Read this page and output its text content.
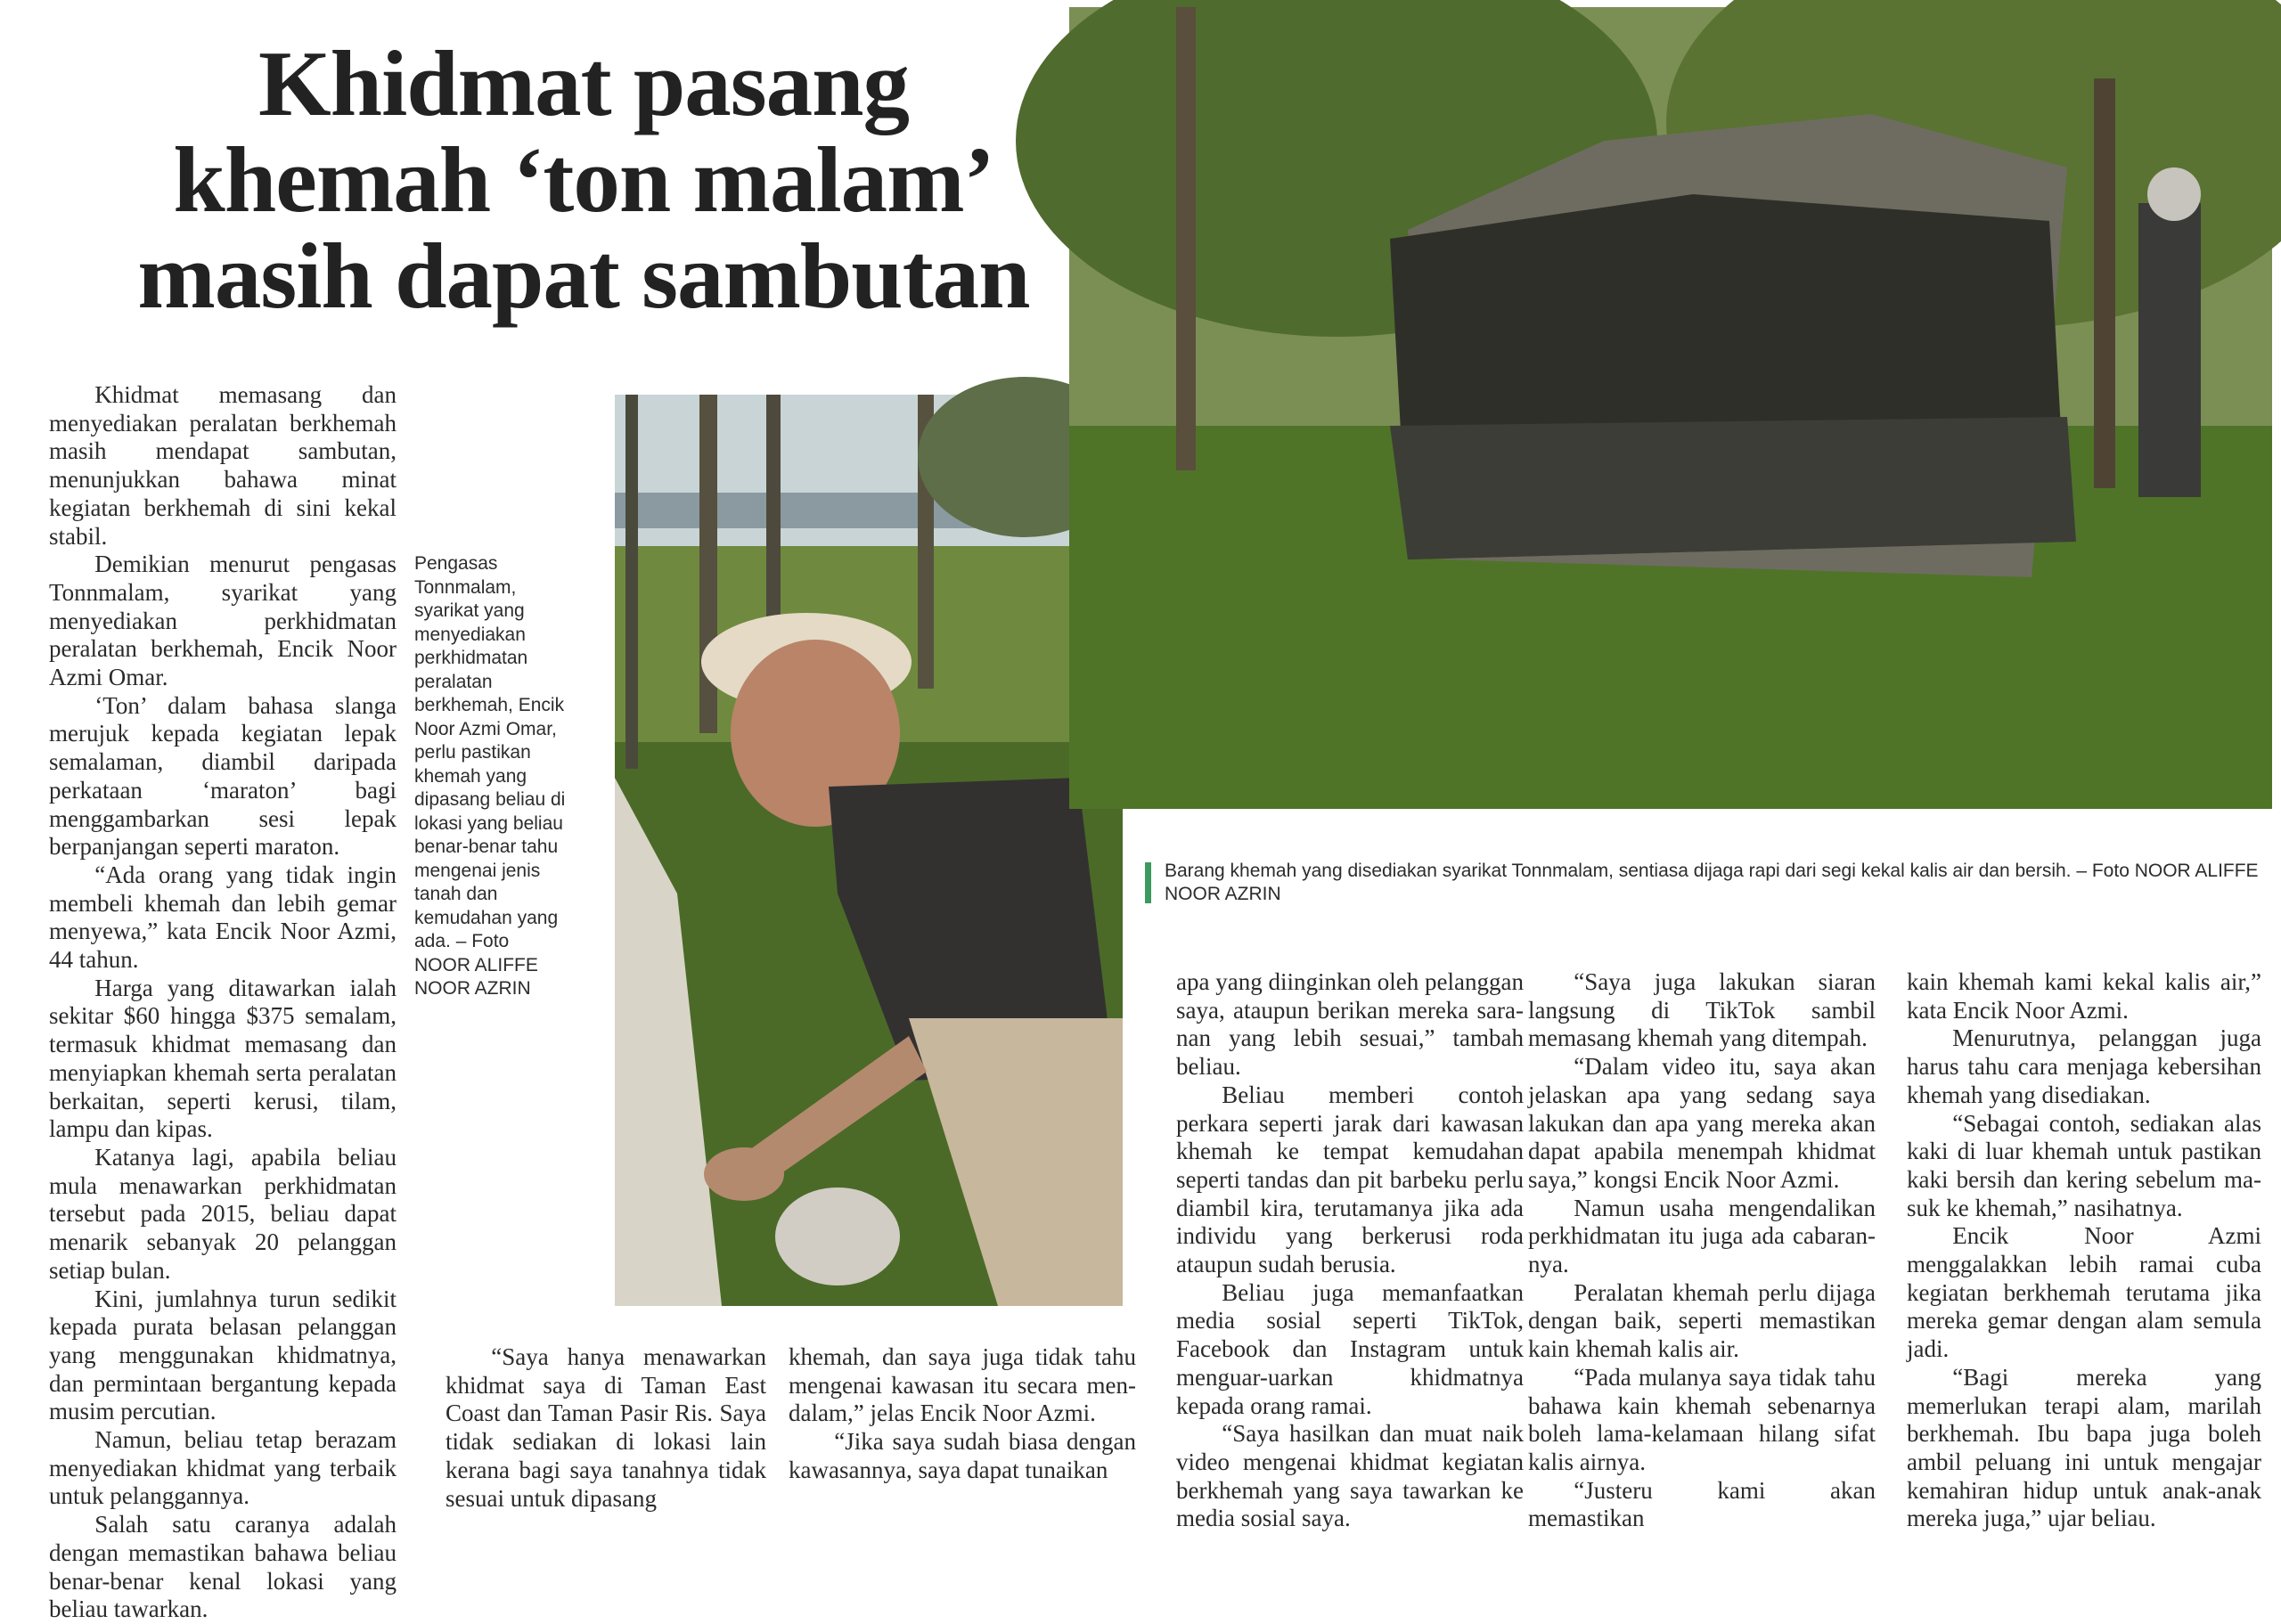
Khidmat pasang
khemah ‘ton malam’
masih dapat sambutan
Barang khemah yang disediakan syarikat Tonnmalam, sentiasa dijaga rapi dari segi kekal kalis air dan bersih. – Foto NOOR ALIFFE NOOR AZRIN
Pengasas Tonnmalam, syarikat yang menyediakan perkhidmatan peralatan berkhemah, Encik Noor Azmi Omar, perlu pastikan khemah yang dipasang beliau di lokasi yang beliau benar-benar tahu mengenai jenis tanah dan kemudahan yang ada. – Foto NOOR ALIFFE NOOR AZRIN

Khidmat memasang dan menyediakan peralatan berkhemah masih mendapat sambutan, menunjukkan bahawa minat kegiatan berkhemah di sini kekal stabil.

Demikian menurut pengasas Tonnmalam, syarikat yang menyediakan perkhidmatan peralatan berkhemah, Encik Noor Azmi Omar.

‘Ton’ dalam bahasa slanga merujuk kepada kegiatan lepak semalaman, diambil daripada perkataan ‘maraton’ bagi menggambarkan sesi lepak berpanjangan seperti maraton.

“Ada orang yang tidak ingin membeli khemah dan lebih gemar menyewa,” kata Encik Noor Azmi, 44 tahun.

Harga yang ditawarkan ialah sekitar $60 hingga $375 semalam, termasuk khidmat memasang dan menyiapkan khemah serta peralatan berkaitan, seperti kerusi, tilam, lampu dan kipas.

Katanya lagi, apabila beliau mula menawarkan perkhidmatan tersebut pada 2015, beliau dapat menarik sebanyak 20 pelanggan setiap bulan.

Kini, jumlahnya turun sedikit kepada purata belasan pelanggan yang menggunakan khidmatnya, dan permintaan bergantung kepada musim percutian.

Namun, beliau tetap berazam menyediakan khidmat yang terbaik untuk pelanggannya.

Salah satu caranya adalah dengan memastikan bahawa beliau benar-benar kenal lokasi yang beliau tawarkan.

“Saya hanya menawarkan khidmat saya di Taman East Coast dan Taman Pasir Ris. Saya tidak sediakan di lokasi lain kerana bagi saya tanahnya tidak sesuai untuk dipasang

khemah, dan saya juga tidak tahu mengenai kawasan itu secara mendalam,” jelas Encik Noor Azmi.

“Jika saya sudah biasa dengan kawasannya, saya dapat tunaikan

apa yang diinginkan oleh pelanggan saya, ataupun berikan mereka saranan yang lebih sesuai,” tambah beliau.

Beliau memberi contoh perkara seperti jarak dari kawasan khemah ke tempat kemudahan seperti tandas dan pit barbeku perlu diambil kira, terutamanya jika ada individu yang berkerusi roda ataupun sudah berusia.

Beliau juga memanfaatkan media sosial seperti TikTok, Facebook dan Instagram untuk menguar-uarkan khidmatnya kepada orang ramai.

“Saya hasilkan dan muat naik video mengenai khidmat kegiatan berkhemah yang saya tawarkan ke media sosial saya.

“Saya juga lakukan siaran langsung di TikTok sambil memasang khemah yang ditempah.

“Dalam video itu, saya akan jelaskan apa yang sedang saya lakukan dan apa yang mereka akan dapat apabila menempah khidmat saya,” kongsi Encik Noor Azmi.

Namun usaha mengendalikan perkhidmatan itu juga ada cabarannya.

Peralatan khemah perlu dijaga dengan baik, seperti memastikan kain khemah kalis air.

“Pada mulanya saya tidak tahu bahawa kain khemah sebenarnya boleh lama-kelamaan hilang sifat kalis airnya.

“Justeru kami akan memastikan

kain khemah kami kekal kalis air,” kata Encik Noor Azmi.

Menurutnya, pelanggan juga harus tahu cara menjaga kebersihan khemah yang disediakan.

“Sebagai contoh, sediakan alas kaki di luar khemah untuk pastikan kaki bersih dan kering sebelum masuk ke khemah,” nasihatnya.

Encik Noor Azmi menggalakkan lebih ramai cuba kegiatan berkhemah terutama jika mereka gemar dengan alam semula jadi.

“Bagi mereka yang memerlukan terapi alam, marilah berkhemah. Ibu bapa juga boleh ambil peluang ini untuk mengajar kemahiran hidup untuk anak-anak mereka juga,” ujar beliau.
